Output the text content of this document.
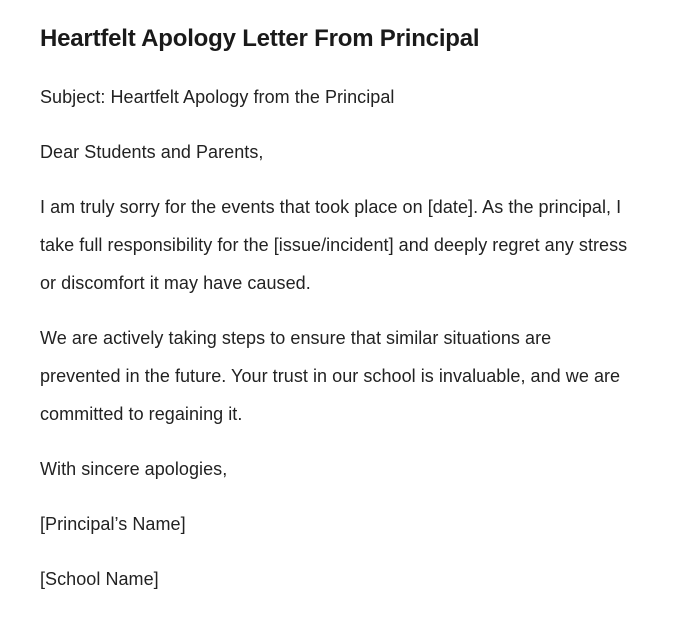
Heartfelt Apology Letter From Principal

Subject: Heartfelt Apology from the Principal

Dear Students and Parents,

I am truly sorry for the events that took place on [date]. As the principal, I take full responsibility for the [issue/incident] and deeply regret any stress or discomfort it may have caused.

We are actively taking steps to ensure that similar situations are prevented in the future. Your trust in our school is invaluable, and we are committed to regaining it.

With sincere apologies,

[Principal’s Name]

[School Name]
